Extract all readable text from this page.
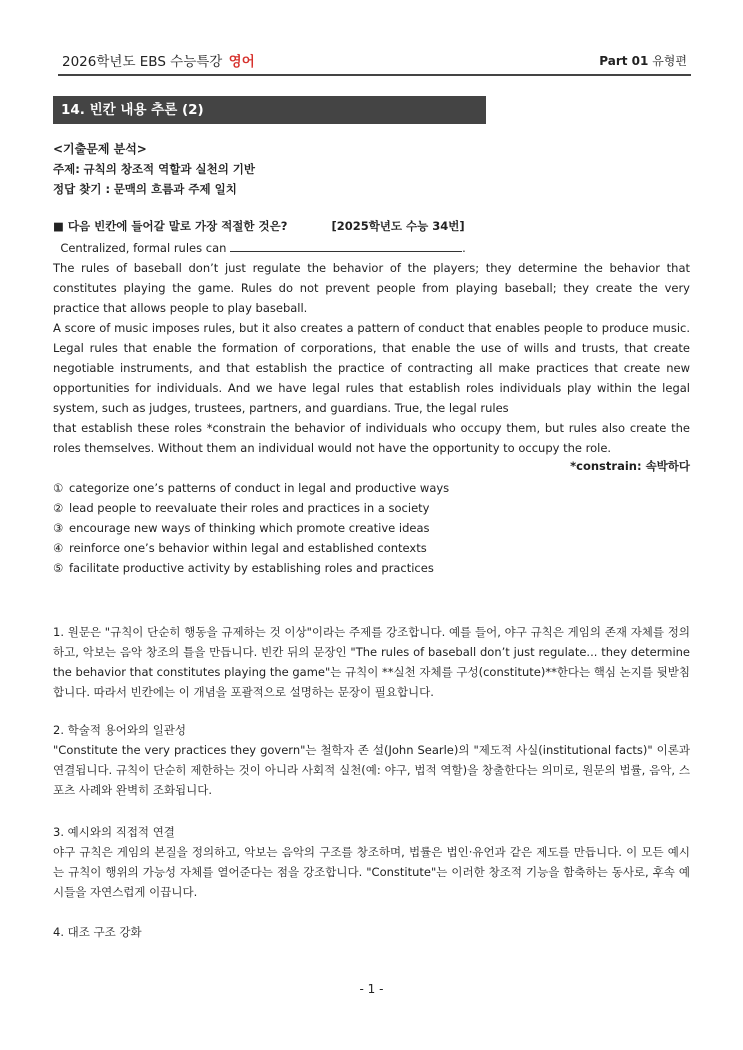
2026학년도 EBS 수능특강 영어	Part 01 유형편
14. 빈칸 내용 추론 (2)
<기출문제 분석>
주제: 규칙의 창조적 역할과 실천의 기반
정답 찾기 : 문맥의 흐름과 주제 일치
■ 다음 빈칸에 들어갈 말로 가장 적절한 것은?	[2025학년도 수능 34번]
Centralized, formal rules can	.
The rules of baseball don’t just regulate the behavior of the players; they determine the behavior that constitutes playing the game. Rules do not prevent people from playing baseball; they create the very practice that allows people to play baseball.
A score of music imposes rules, but it also creates a pattern of conduct that enables people to produce music. Legal rules that enable the formation of corporations, that enable the use of wills and trusts, that create negotiable instruments, and that establish the practice of contracting all make practices that create new opportunities for individuals. And we have legal rules that establish roles individuals play within the legal system, such as judges, trustees, partners, and guardians. True, the legal rules
that establish these roles *constrain the behavior of individuals who occupy them, but rules also create the roles themselves. Without them an individual would not have the opportunity to occupy the role.
*constrain: 속박하다
① categorize one’s patterns of conduct in legal and productive ways
② lead people to reevaluate their roles and practices in a society
③ encourage new ways of thinking which promote creative ideas
④ reinforce one’s behavior within legal and established contexts
⑤ facilitate productive activity by establishing roles and practices
1. 원문은 "규칙이 단순히 행동을 규제하는 것 이상"이라는 주제를 강조합니다. 예를 들어, 야구 규칙은 게임의 존재 자체를 정의하고, 악보는 음악 창조의 틀을 만듭니다. 빈칸 뒤의 문장인 "The rules of baseball don’t just regulate... they determine the behavior that constitutes playing the game"는 규칙이 **실천 자체를 구성(constitute)**한다는 핵심 논지를 뒷받침합니다. 따라서 빈칸에는 이 개념을 포괄적으로 설명하는 문장이 필요합니다.
2. 학술적 용어와의 일관성
"Constitute the very practices they govern"는 철학자 존 설(John Searle)의 "제도적 사실(institutional facts)" 이론과 연결됩니다. 규칙이 단순히 제한하는 것이 아니라 사회적 실천(예: 야구, 법적 역할)을 창출한다는 의미로, 원문의 법률, 음악, 스포츠 사례와 완벽히 조화됩니다.
3. 예시와의 직접적 연결
야구 규칙은 게임의 본질을 정의하고, 악보는 음악의 구조를 창조하며, 법률은 법인·유언과 같은 제도를 만듭니다. 이 모든 예시는 규칙이 행위의 가능성 자체를 열어준다는 점을 강조합니다. "Constitute"는 이러한 창조적 기능을 함축하는 동사로, 후속 예시들을 자연스럽게 이끕니다.
4. 대조 구조 강화
- 1 -
